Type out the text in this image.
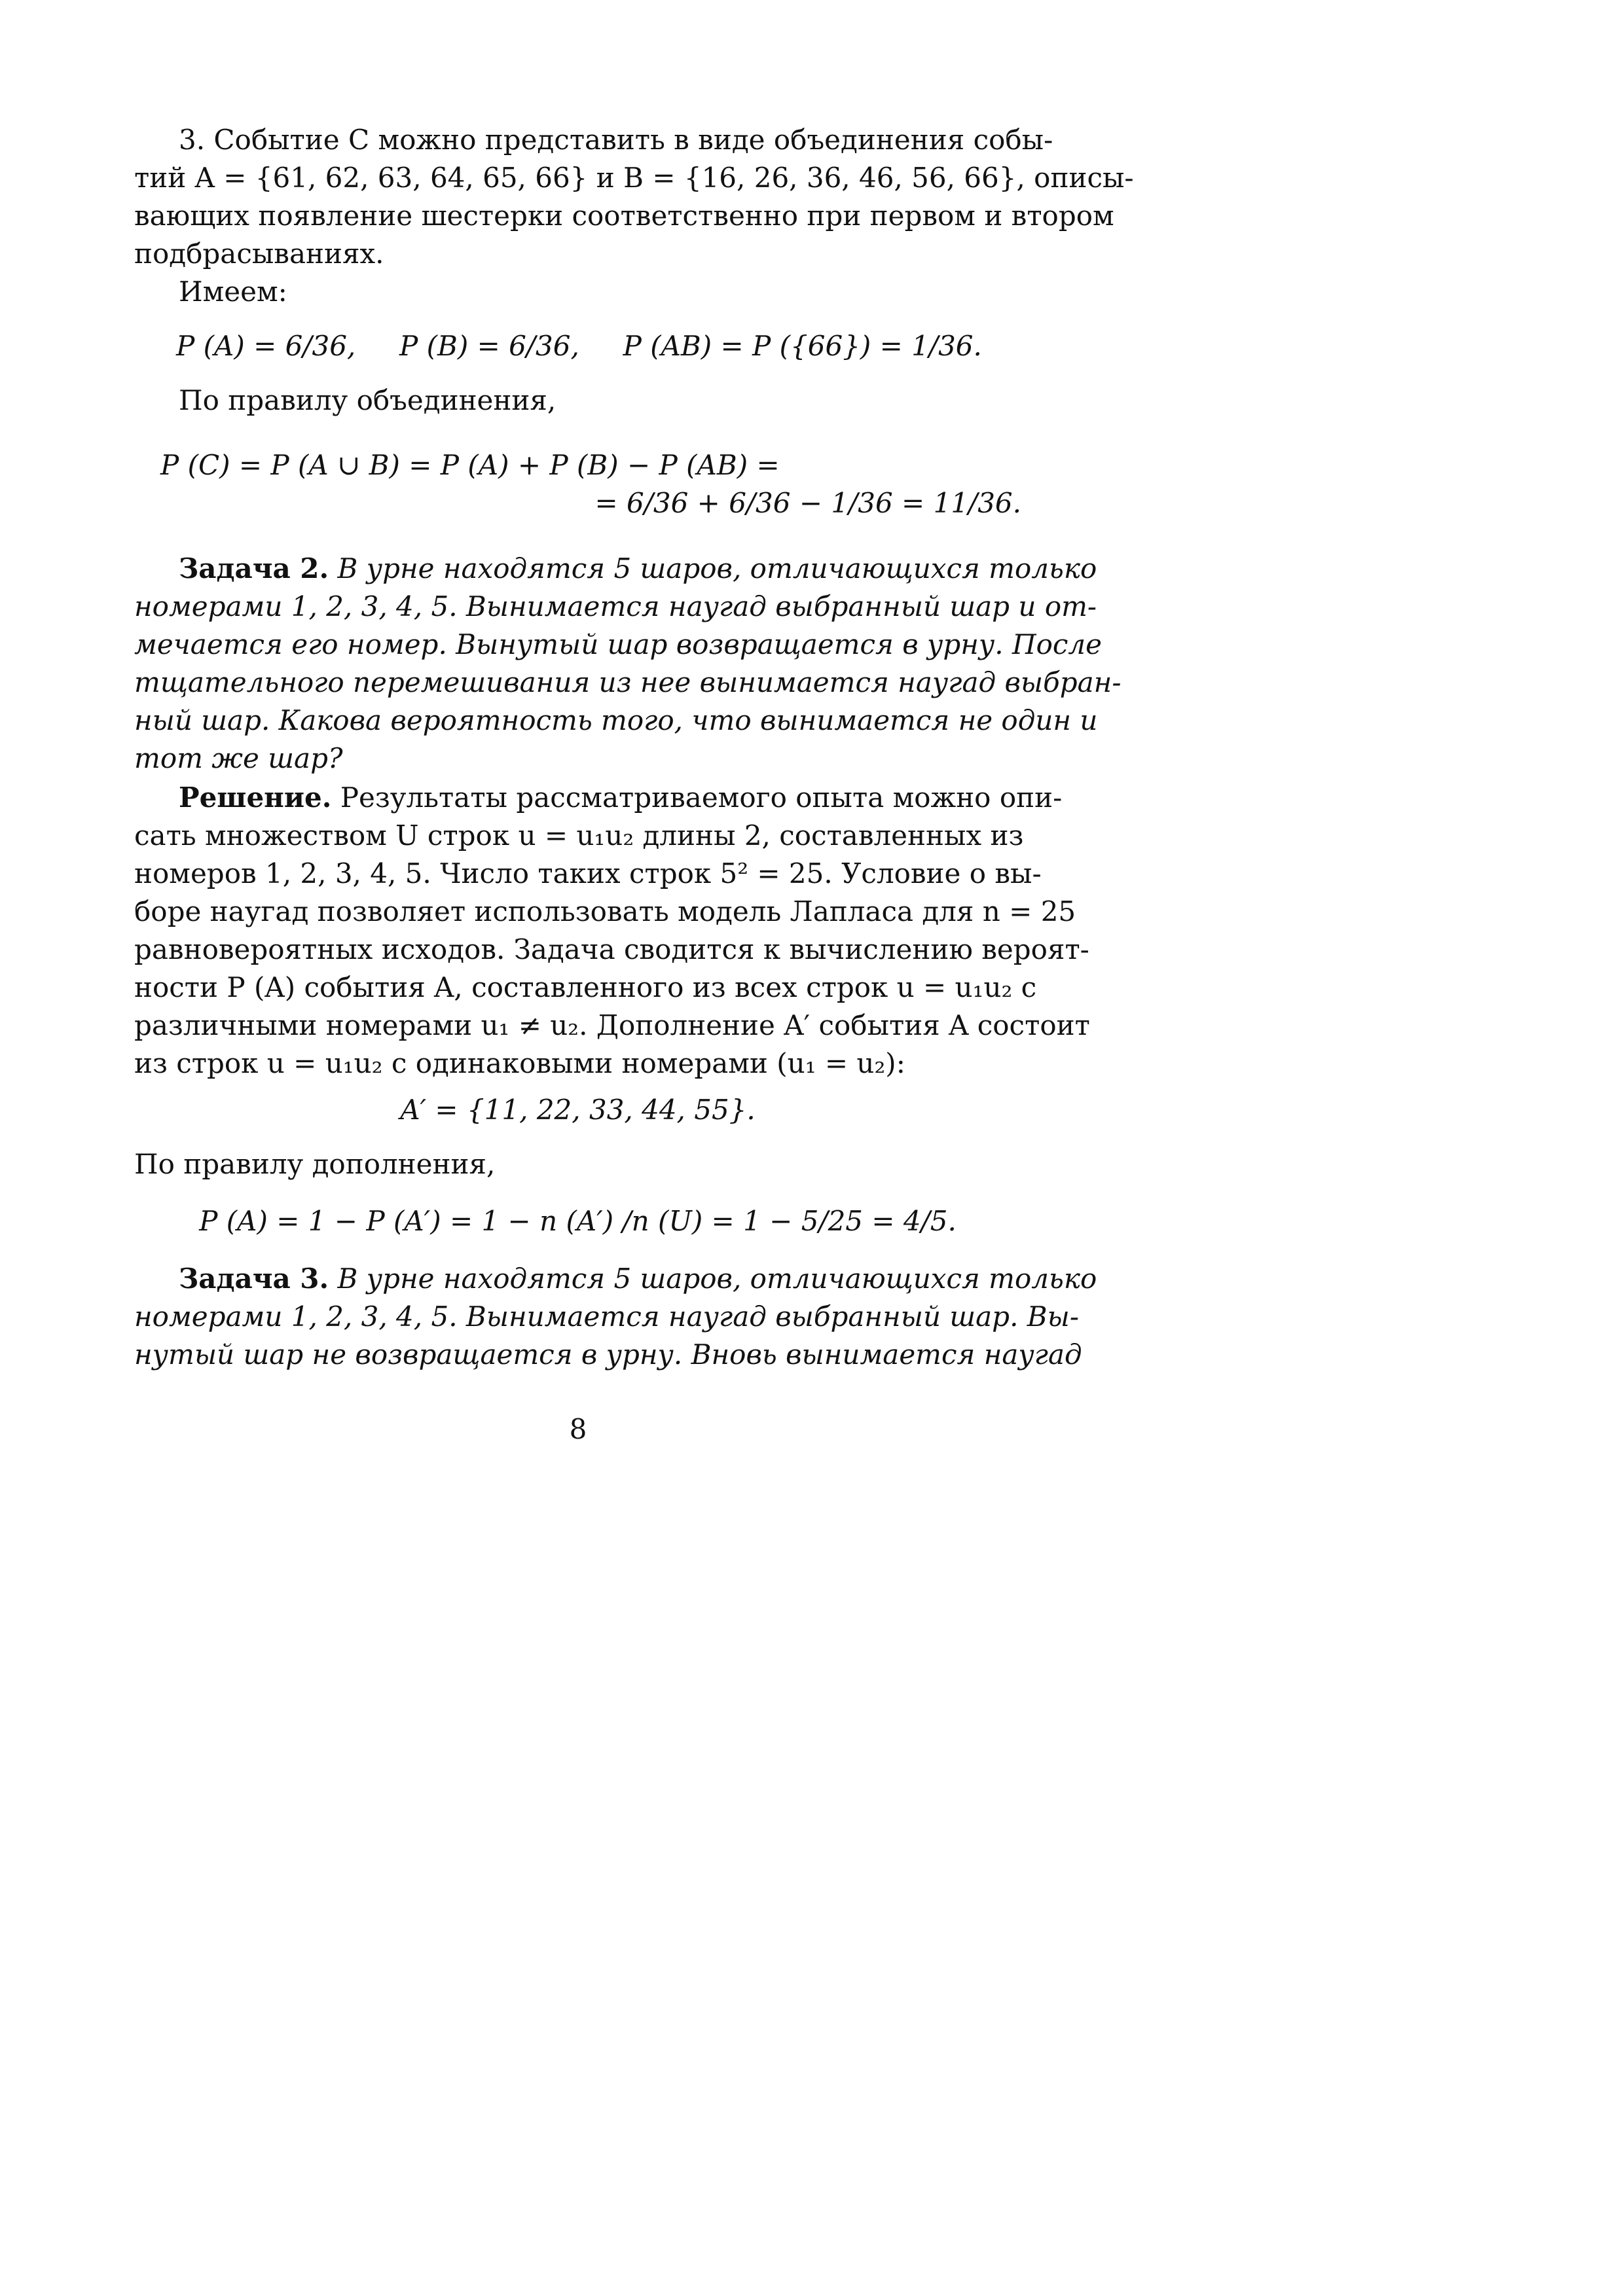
3. Событие C можно представить в виде объединения собы-
тий A = {61, 62, 63, 64, 65, 66} и B = {16, 26, 36, 46, 56, 66}, описы-
вающих появление шестерки соответственно при первом и втором
подбрасываниях.
Имеем:
P (A) = 6/36,     P (B) = 6/36,     P (AB) = P ({66}) = 1/36.
По правилу объединения,
P (C) = P (A ∪ B) = P (A) + P (B) − P (AB) =
= 6/36 + 6/36 − 1/36 = 11/36.
Задача 2. В урне находятся 5 шаров, отличающихся только
номерами 1, 2, 3, 4, 5. Вынимается наугад выбранный шар и от-
мечается его номер. Вынутый шар возвращается в урну. После
тщательного перемешивания из нее вынимается наугад выбран-
ный шар. Какова вероятность того, что вынимается не один и
тот же шар?
Решение. Результаты рассматриваемого опыта можно опи-
сать множеством U строк u = u₁u₂ длины 2, составленных из
номеров 1, 2, 3, 4, 5. Число таких строк 5² = 25. Условие о вы-
боре наугад позволяет использовать модель Лапласа для n = 25
равновероятных исходов. Задача сводится к вычислению вероят-
ности P (A) события A, составленного из всех строк u = u₁u₂ с
различными номерами u₁ ≠ u₂. Дополнение A′ события A состоит
из строк u = u₁u₂ с одинаковыми номерами (u₁ = u₂):
A′ = {11, 22, 33, 44, 55}.
По правилу дополнения,
P (A) = 1 − P (A′) = 1 − n (A′) /n (U) = 1 − 5/25 = 4/5.
Задача 3. В урне находятся 5 шаров, отличающихся только
номерами 1, 2, 3, 4, 5. Вынимается наугад выбранный шар. Вы-
нутый шар не возвращается в урну. Вновь вынимается наугад
8
